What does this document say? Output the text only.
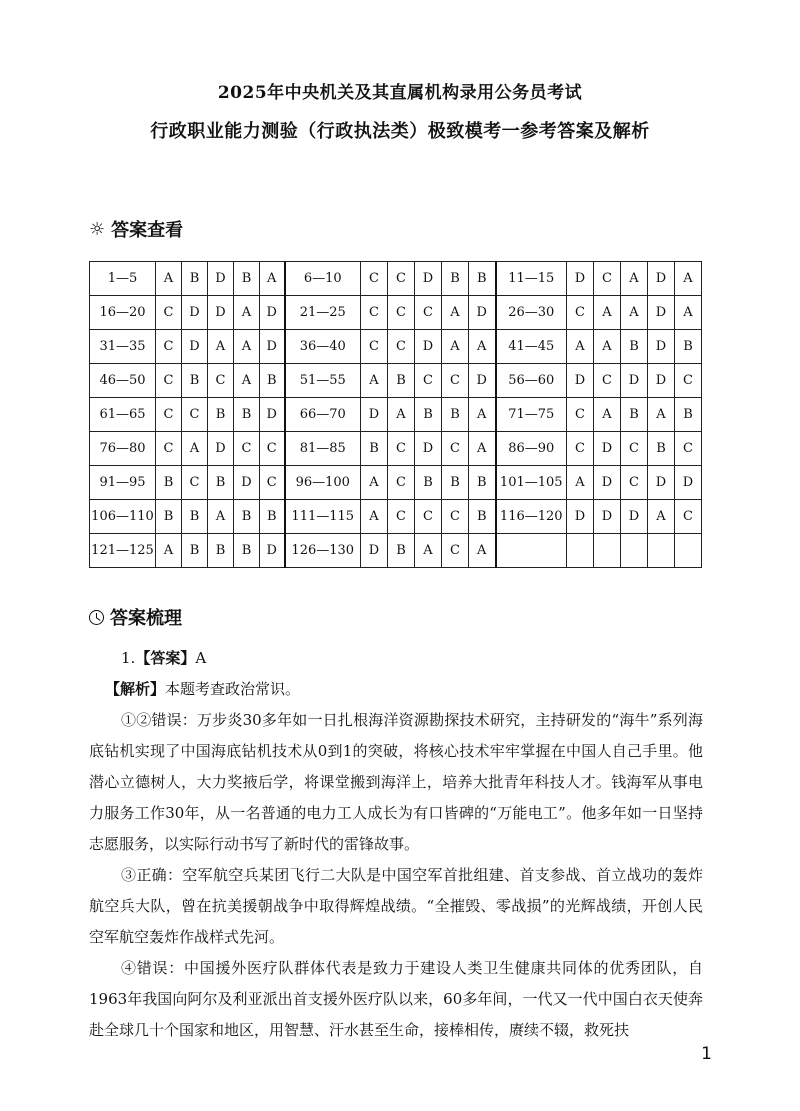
2025年中央机关及其直属机构录用公务员考试
行政职业能力测验（行政执法类）极致模考一参考答案及解析
☼ 答案查看
1—5	A	B	D	B	A	6—10	C	C	D	B	B	11—15	D	C	A	D	A
16—20	C	D	D	A	D	21—25	C	C	C	A	D	26—30	C	A	A	D	A
31—35	C	D	A	A	D	36—40	C	C	D	A	A	41—45	A	A	B	D	B
46—50	C	B	C	A	B	51—55	A	B	C	C	D	56—60	D	C	D	D	C
61—65	C	C	B	B	D	66—70	D	A	B	B	A	71—75	C	A	B	A	B
76—80	C	A	D	C	C	81—85	B	C	D	C	A	86—90	C	D	C	B	C
91—95	B	C	B	D	C	96—100	A	C	B	B	B	101—105	A	D	C	D	D
106—110	B	B	A	B	B	111—115	A	C	C	C	B	116—120	D	D	D	A	C
121—125	A	B	B	B	D	126—130	D	B	A	C	A						
答案梳理
1.【答案】A
【解析】本题考查政治常识。
①②错误：万步炎30多年如一日扎根海洋资源勘探技术研究，主持研发的“海牛”系列海底钻机实现了中国海底钻机技术从0到1的突破，将核心技术牢牢掌握在中国人自己手里。他潜心立德树人，大力奖掖后学，将课堂搬到海洋上，培养大批青年科技人才。钱海军从事电力服务工作30年，从一名普通的电力工人成长为有口皆碑的“万能电工”。他多年如一日坚持志愿服务，以实际行动书写了新时代的雷锋故事。
③正确：空军航空兵某团飞行二大队是中国空军首批组建、首支参战、首立战功的轰炸航空兵大队，曾在抗美援朝战争中取得辉煌战绩。“全摧毁、零战损”的光辉战绩，开创人民空军航空轰炸作战样式先河。
④错误：中国援外医疗队群体代表是致力于建设人类卫生健康共同体的优秀团队，自1963年我国向阿尔及利亚派出首支援外医疗队以来，60多年间，一代又一代中国白衣天使奔赴全球几十个国家和地区，用智慧、汗水甚至生命，接棒相传，赓续不辍，救死扶
1
